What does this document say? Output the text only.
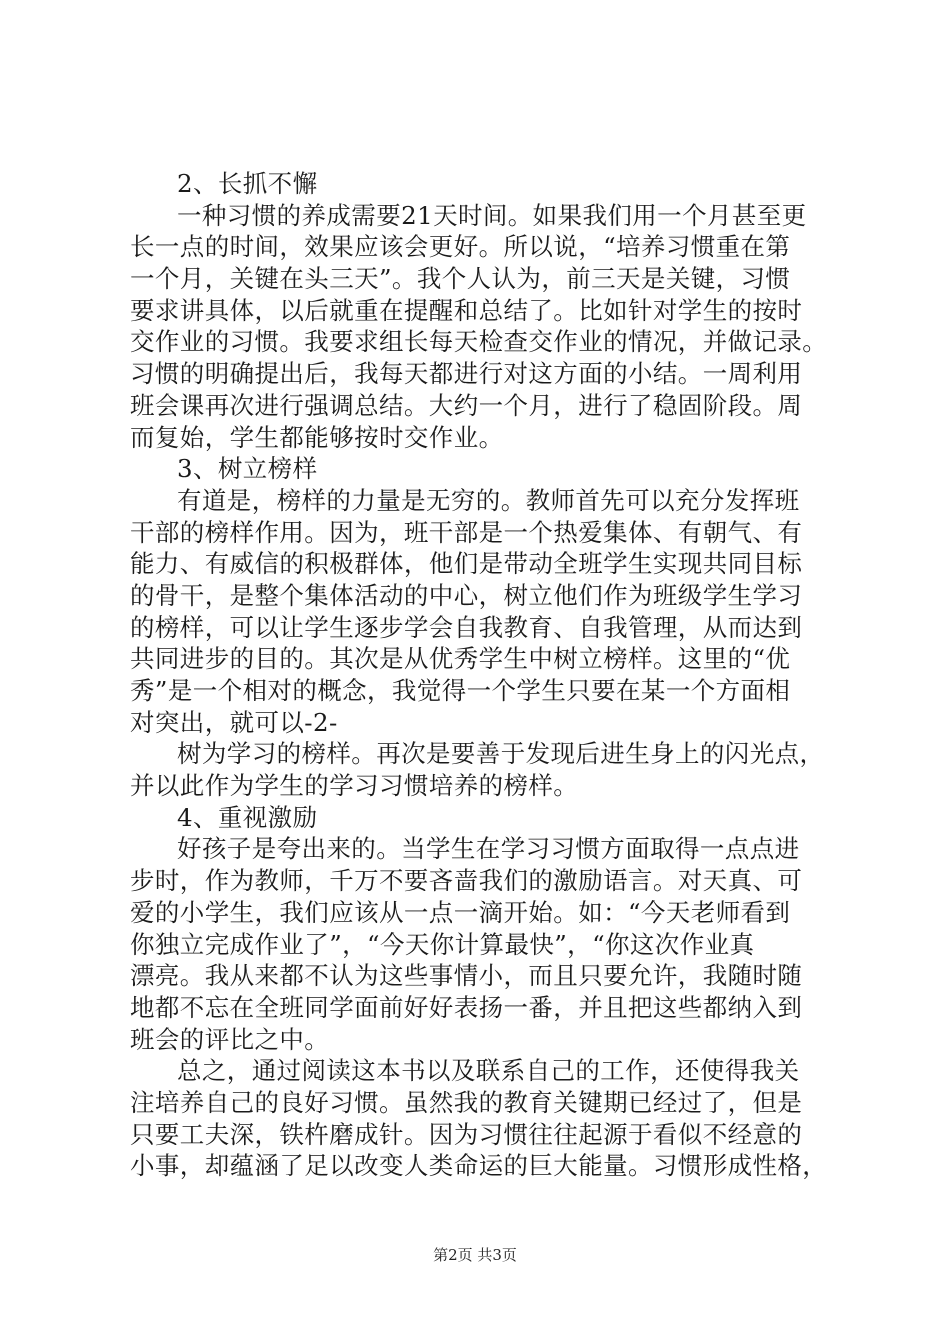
2、长抓不懈
一种习惯的养成需要21天时间。如果我们用一个月甚至更
长一点的时间，效果应该会更好。所以说，“培养习惯重在第
一个月，关键在头三天”。我个人认为，前三天是关键，习惯
要求讲具体，以后就重在提醒和总结了。比如针对学生的按时
交作业的习惯。我要求组长每天检查交作业的情况，并做记录。
习惯的明确提出后，我每天都进行对这方面的小结。一周利用
班会课再次进行强调总结。大约一个月，进行了稳固阶段。周
而复始，学生都能够按时交作业。
3、树立榜样
有道是，榜样的力量是无穷的。教师首先可以充分发挥班
干部的榜样作用。因为，班干部是一个热爱集体、有朝气、有
能力、有威信的积极群体，他们是带动全班学生实现共同目标
的骨干，是整个集体活动的中心，树立他们作为班级学生学习
的榜样，可以让学生逐步学会自我教育、自我管理，从而达到
共同进步的目的。其次是从优秀学生中树立榜样。这里的“优
秀”是一个相对的概念，我觉得一个学生只要在某一个方面相
对突出，就可以-2-
树为学习的榜样。再次是要善于发现后进生身上的闪光点，
并以此作为学生的学习习惯培养的榜样。
4、重视激励
好孩子是夸出来的。当学生在学习习惯方面取得一点点进
步时，作为教师，千万不要吝啬我们的激励语言。对天真、可
爱的小学生，我们应该从一点一滴开始。如：“今天老师看到
你独立完成作业了”，“今天你计算最快”，“你这次作业真
漂亮。我从来都不认为这些事情小，而且只要允许，我随时随
地都不忘在全班同学面前好好表扬一番，并且把这些都纳入到
班会的评比之中。
总之，通过阅读这本书以及联系自己的工作，还使得我关
注培养自己的良好习惯。虽然我的教育关键期已经过了，但是
只要工夫深，铁杵磨成针。因为习惯往往起源于看似不经意的
小事，却蕴涵了足以改变人类命运的巨大能量。习惯形成性格，
第2页 共3页
